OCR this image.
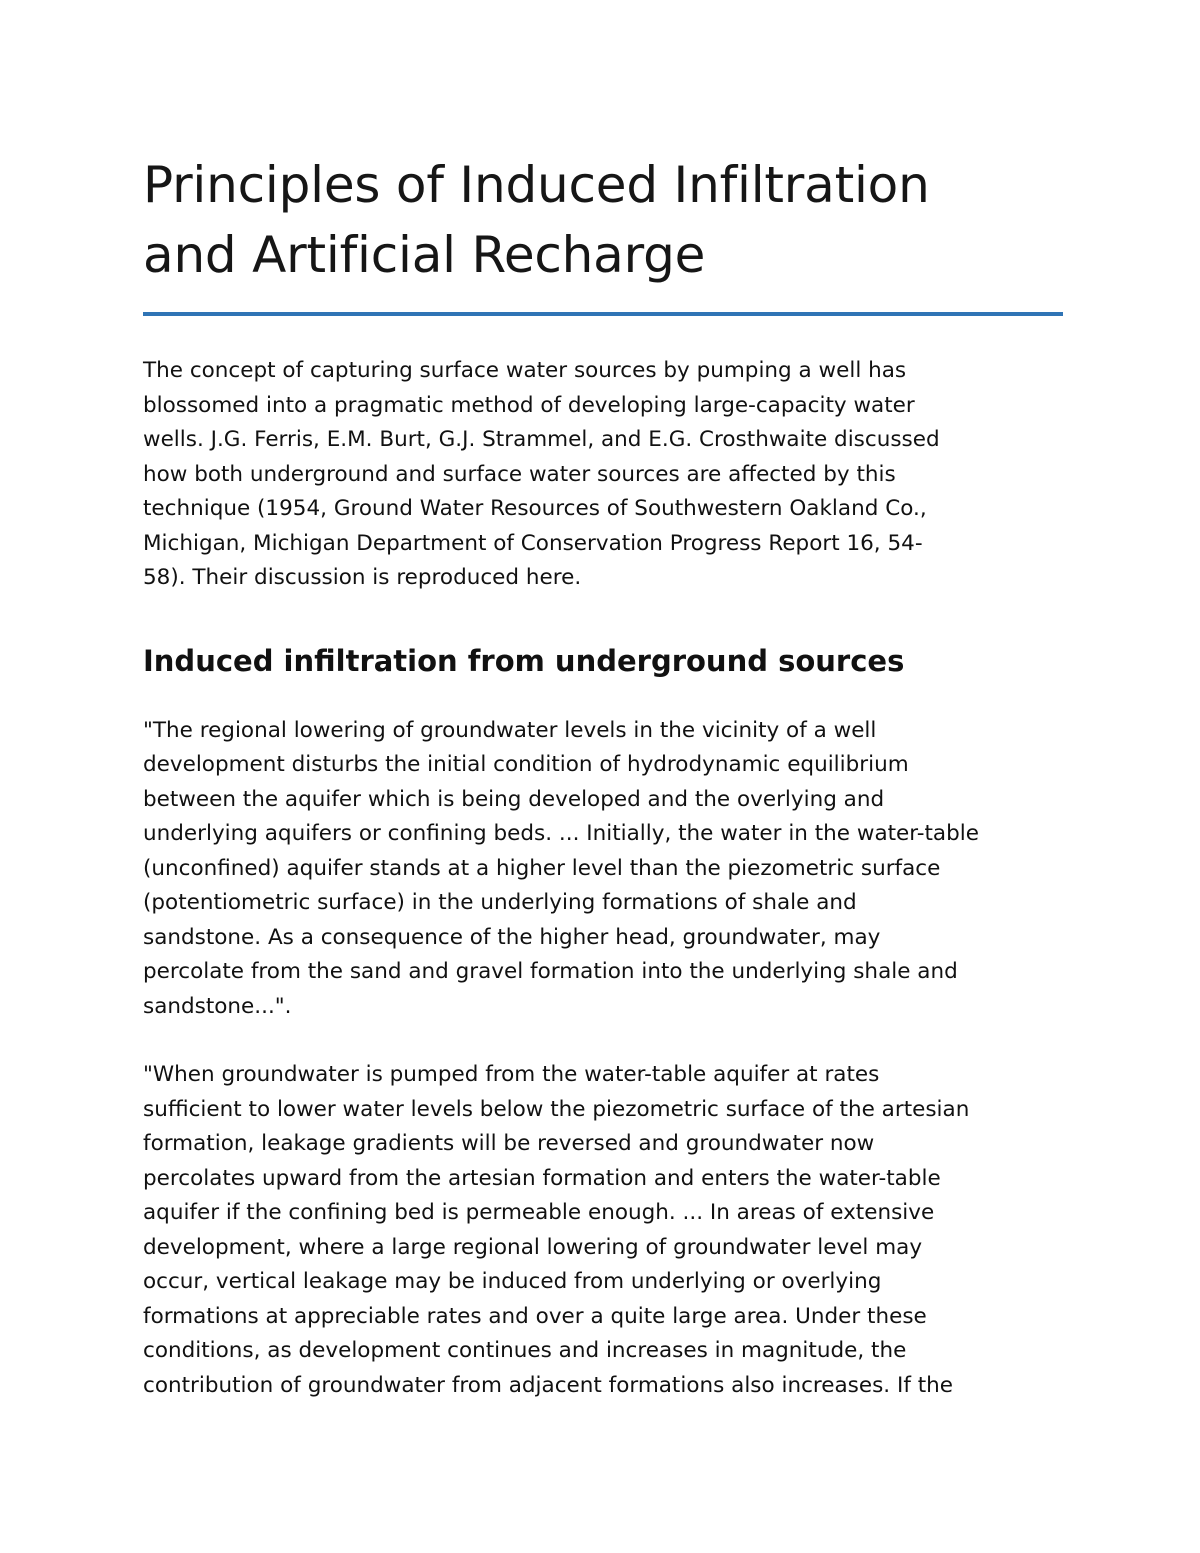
Principles of Induced Infiltration
and Artificial Recharge

The concept of capturing surface water sources by pumping a well has
blossomed into a pragmatic method of developing large-capacity water
wells. J.G. Ferris, E.M. Burt, G.J. Strammel, and E.G. Crosthwaite discussed
how both underground and surface water sources are affected by this
technique (1954, Ground Water Resources of Southwestern Oakland Co.,
Michigan, Michigan Department of Conservation Progress Report 16, 54-
58). Their discussion is reproduced here.

Induced infiltration from underground sources

"The regional lowering of groundwater levels in the vicinity of a well
development disturbs the initial condition of hydrodynamic equilibrium
between the aquifer which is being developed and the overlying and
underlying aquifers or confining beds. ... Initially, the water in the water-table
(unconfined) aquifer stands at a higher level than the piezometric surface
(potentiometric surface) in the underlying formations of shale and
sandstone. As a consequence of the higher head, groundwater, may
percolate from the sand and gravel formation into the underlying shale and
sandstone...".

"When groundwater is pumped from the water-table aquifer at rates
sufficient to lower water levels below the piezometric surface of the artesian
formation, leakage gradients will be reversed and groundwater now
percolates upward from the artesian formation and enters the water-table
aquifer if the confining bed is permeable enough. ... In areas of extensive
development, where a large regional lowering of groundwater level may
occur, vertical leakage may be induced from underlying or overlying
formations at appreciable rates and over a quite large area. Under these
conditions, as development continues and increases in magnitude, the
contribution of groundwater from adjacent formations also increases. If the
